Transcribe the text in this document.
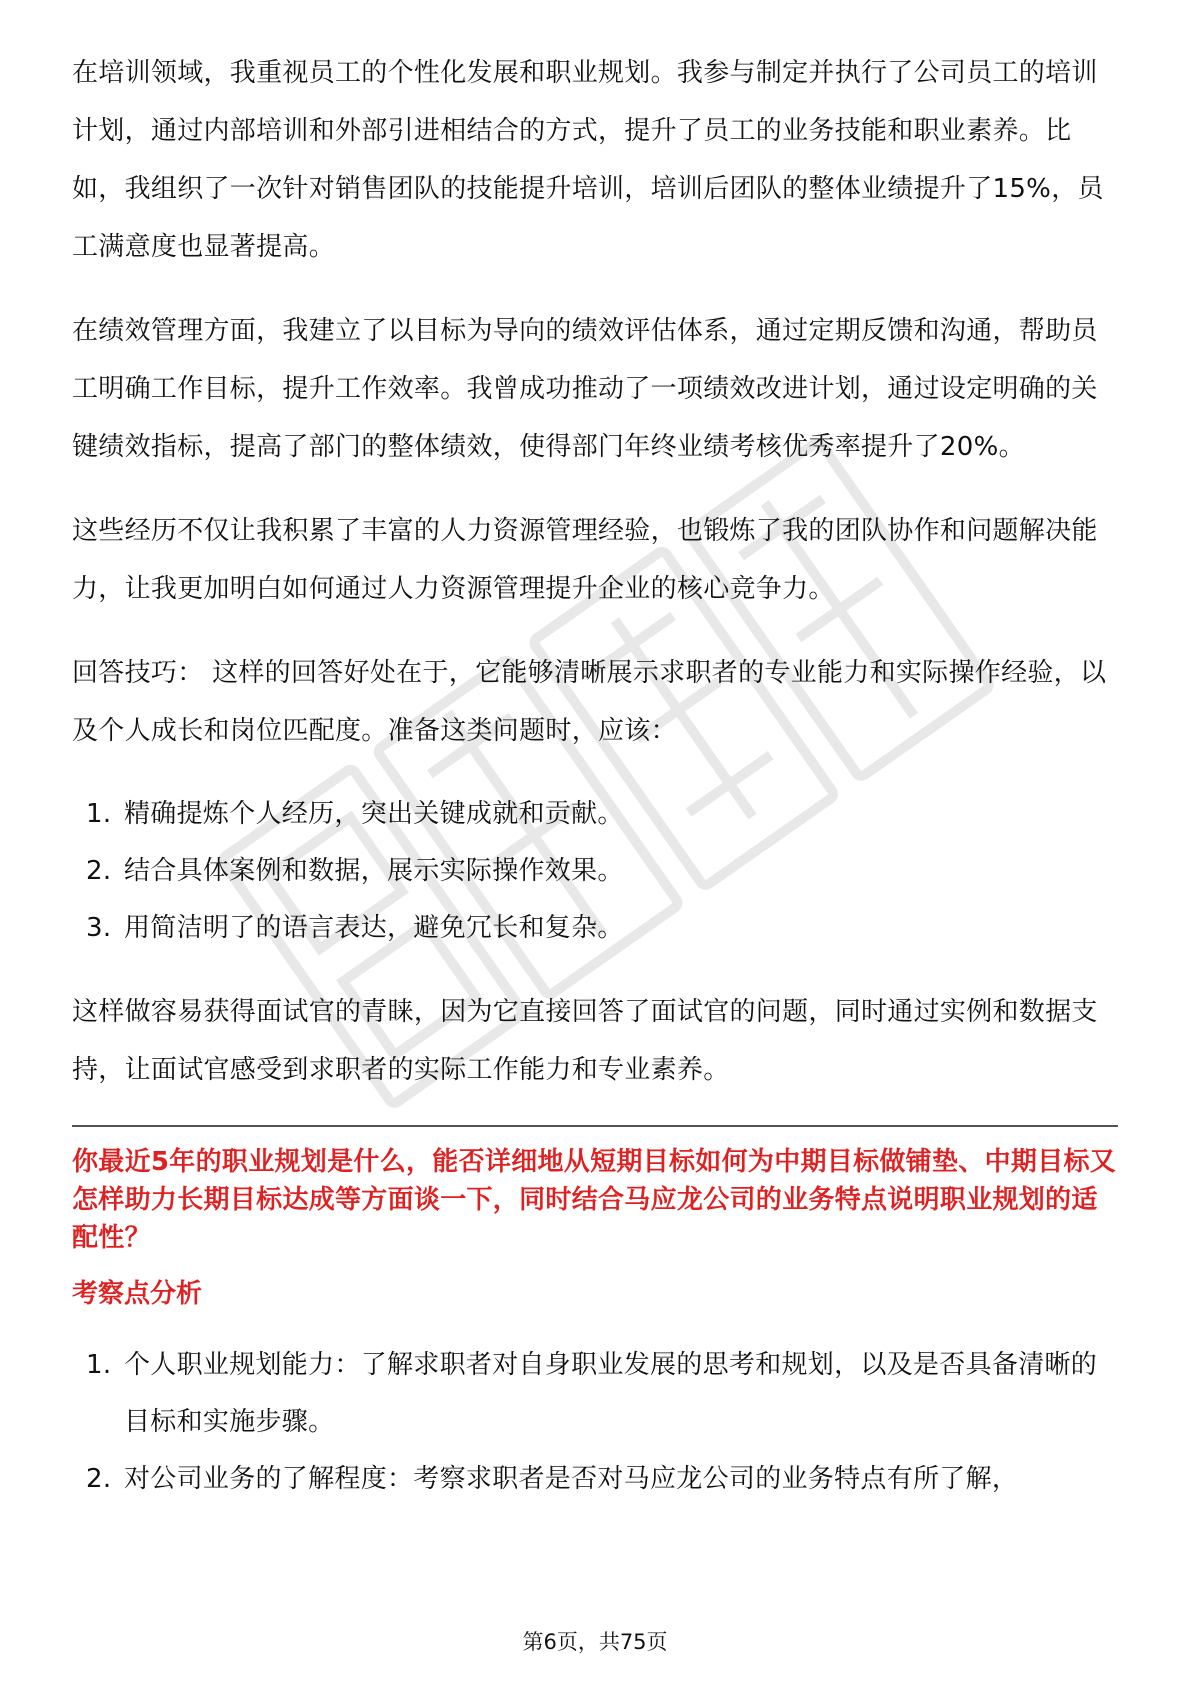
在培训领域，我重视员工的个性化发展和职业规划。我参与制定并执行了公司员工的培训计划，通过内部培训和外部引进相结合的方式，提升了员工的业务技能和职业素养。比如，我组织了一次针对销售团队的技能提升培训，培训后团队的整体业绩提升了15%，员工满意度也显著提高。

在绩效管理方面，我建立了以目标为导向的绩效评估体系，通过定期反馈和沟通，帮助员工明确工作目标，提升工作效率。我曾成功推动了一项绩效改进计划，通过设定明确的关键绩效指标，提高了部门的整体绩效，使得部门年终业绩考核优秀率提升了20%。

这些经历不仅让我积累了丰富的人力资源管理经验，也锻炼了我的团队协作和问题解决能力，让我更加明白如何通过人力资源管理提升企业的核心竞争力。

回答技巧： 这样的回答好处在于，它能够清晰展示求职者的专业能力和实际操作经验，以及个人成长和岗位匹配度。准备这类问题时，应该：

1. 精确提炼个人经历，突出关键成就和贡献。
2. 结合具体案例和数据，展示实际操作效果。
3. 用简洁明了的语言表达，避免冗长和复杂。

这样做容易获得面试官的青睐，因为它直接回答了面试官的问题，同时通过实例和数据支持，让面试官感受到求职者的实际工作能力和专业素养。

你最近5年的职业规划是什么，能否详细地从短期目标如何为中期目标做铺垫、中期目标又怎样助力长期目标达成等方面谈一下，同时结合马应龙公司的业务特点说明职业规划的适配性？
考察点分析
1. 个人职业规划能力：了解求职者对自身职业发展的思考和规划，以及是否具备清晰的目标和实施步骤。
2. 对公司业务的了解程度：考察求职者是否对马应龙公司的业务特点有所了解，
第6页，共75页
